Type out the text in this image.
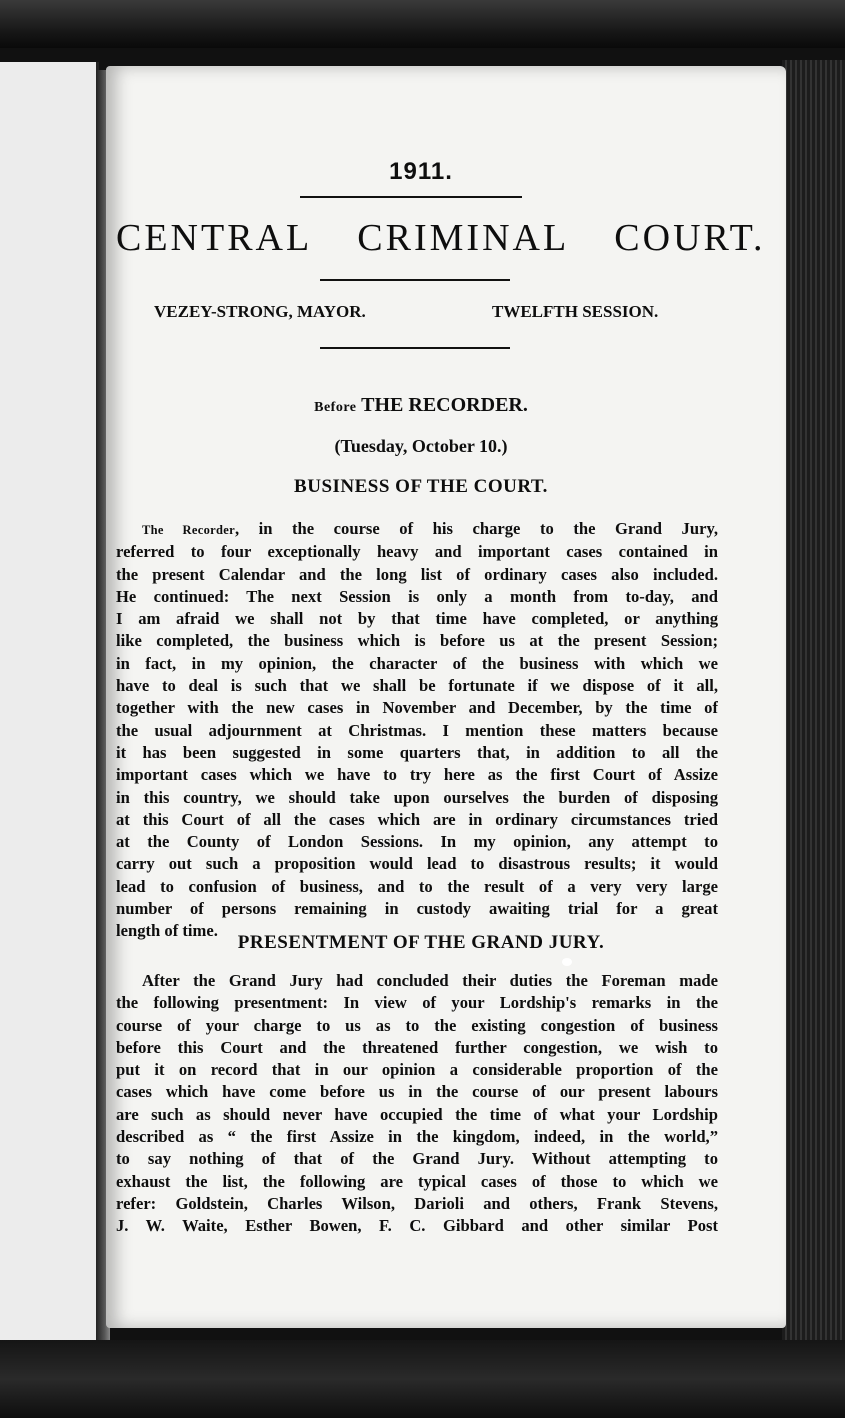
1911.
CENTRAL CRIMINAL COURT.
VEZEY-STRONG, MAYOR.	TWELFTH SESSION.
Before THE RECORDER.
(Tuesday, October 10.)
BUSINESS OF THE COURT.
The Recorder, in the course of his charge to the Grand Jury,
referred to four exceptionally heavy and important cases contained in
the present Calendar and the long list of ordinary cases also included.
He continued: The next Session is only a month from to-day, and
I am afraid we shall not by that time have completed, or anything
like completed, the business which is before us at the present Session;
in fact, in my opinion, the character of the business with which we
have to deal is such that we shall be fortunate if we dispose of it all,
together with the new cases in November and December, by the time of
the usual adjournment at Christmas. I mention these matters because
it has been suggested in some quarters that, in addition to all the
important cases which we have to try here as the first Court of Assize
in this country, we should take upon ourselves the burden of disposing
at this Court of all the cases which are in ordinary circumstances tried
at the County of London Sessions. In my opinion, any attempt to
carry out such a proposition would lead to disastrous results; it would
lead to confusion of business, and to the result of a very very large
number of persons remaining in custody awaiting trial for a great
length of time.
PRESENTMENT OF THE GRAND JURY.
After the Grand Jury had concluded their duties the Foreman made
the following presentment: In view of your Lordship's remarks in the
course of your charge to us as to the existing congestion of business
before this Court and the threatened further congestion, we wish to
put it on record that in our opinion a considerable proportion of the
cases which have come before us in the course of our present labours
are such as should never have occupied the time of what your Lordship
described as “ the first Assize in the kingdom, indeed, in the world,”
to say nothing of that of the Grand Jury. Without attempting to
exhaust the list, the following are typical cases of those to which we
refer: Goldstein, Charles Wilson, Darioli and others, Frank Stevens,
J. W. Waite, Esther Bowen, F. C. Gibbard and other similar Post
